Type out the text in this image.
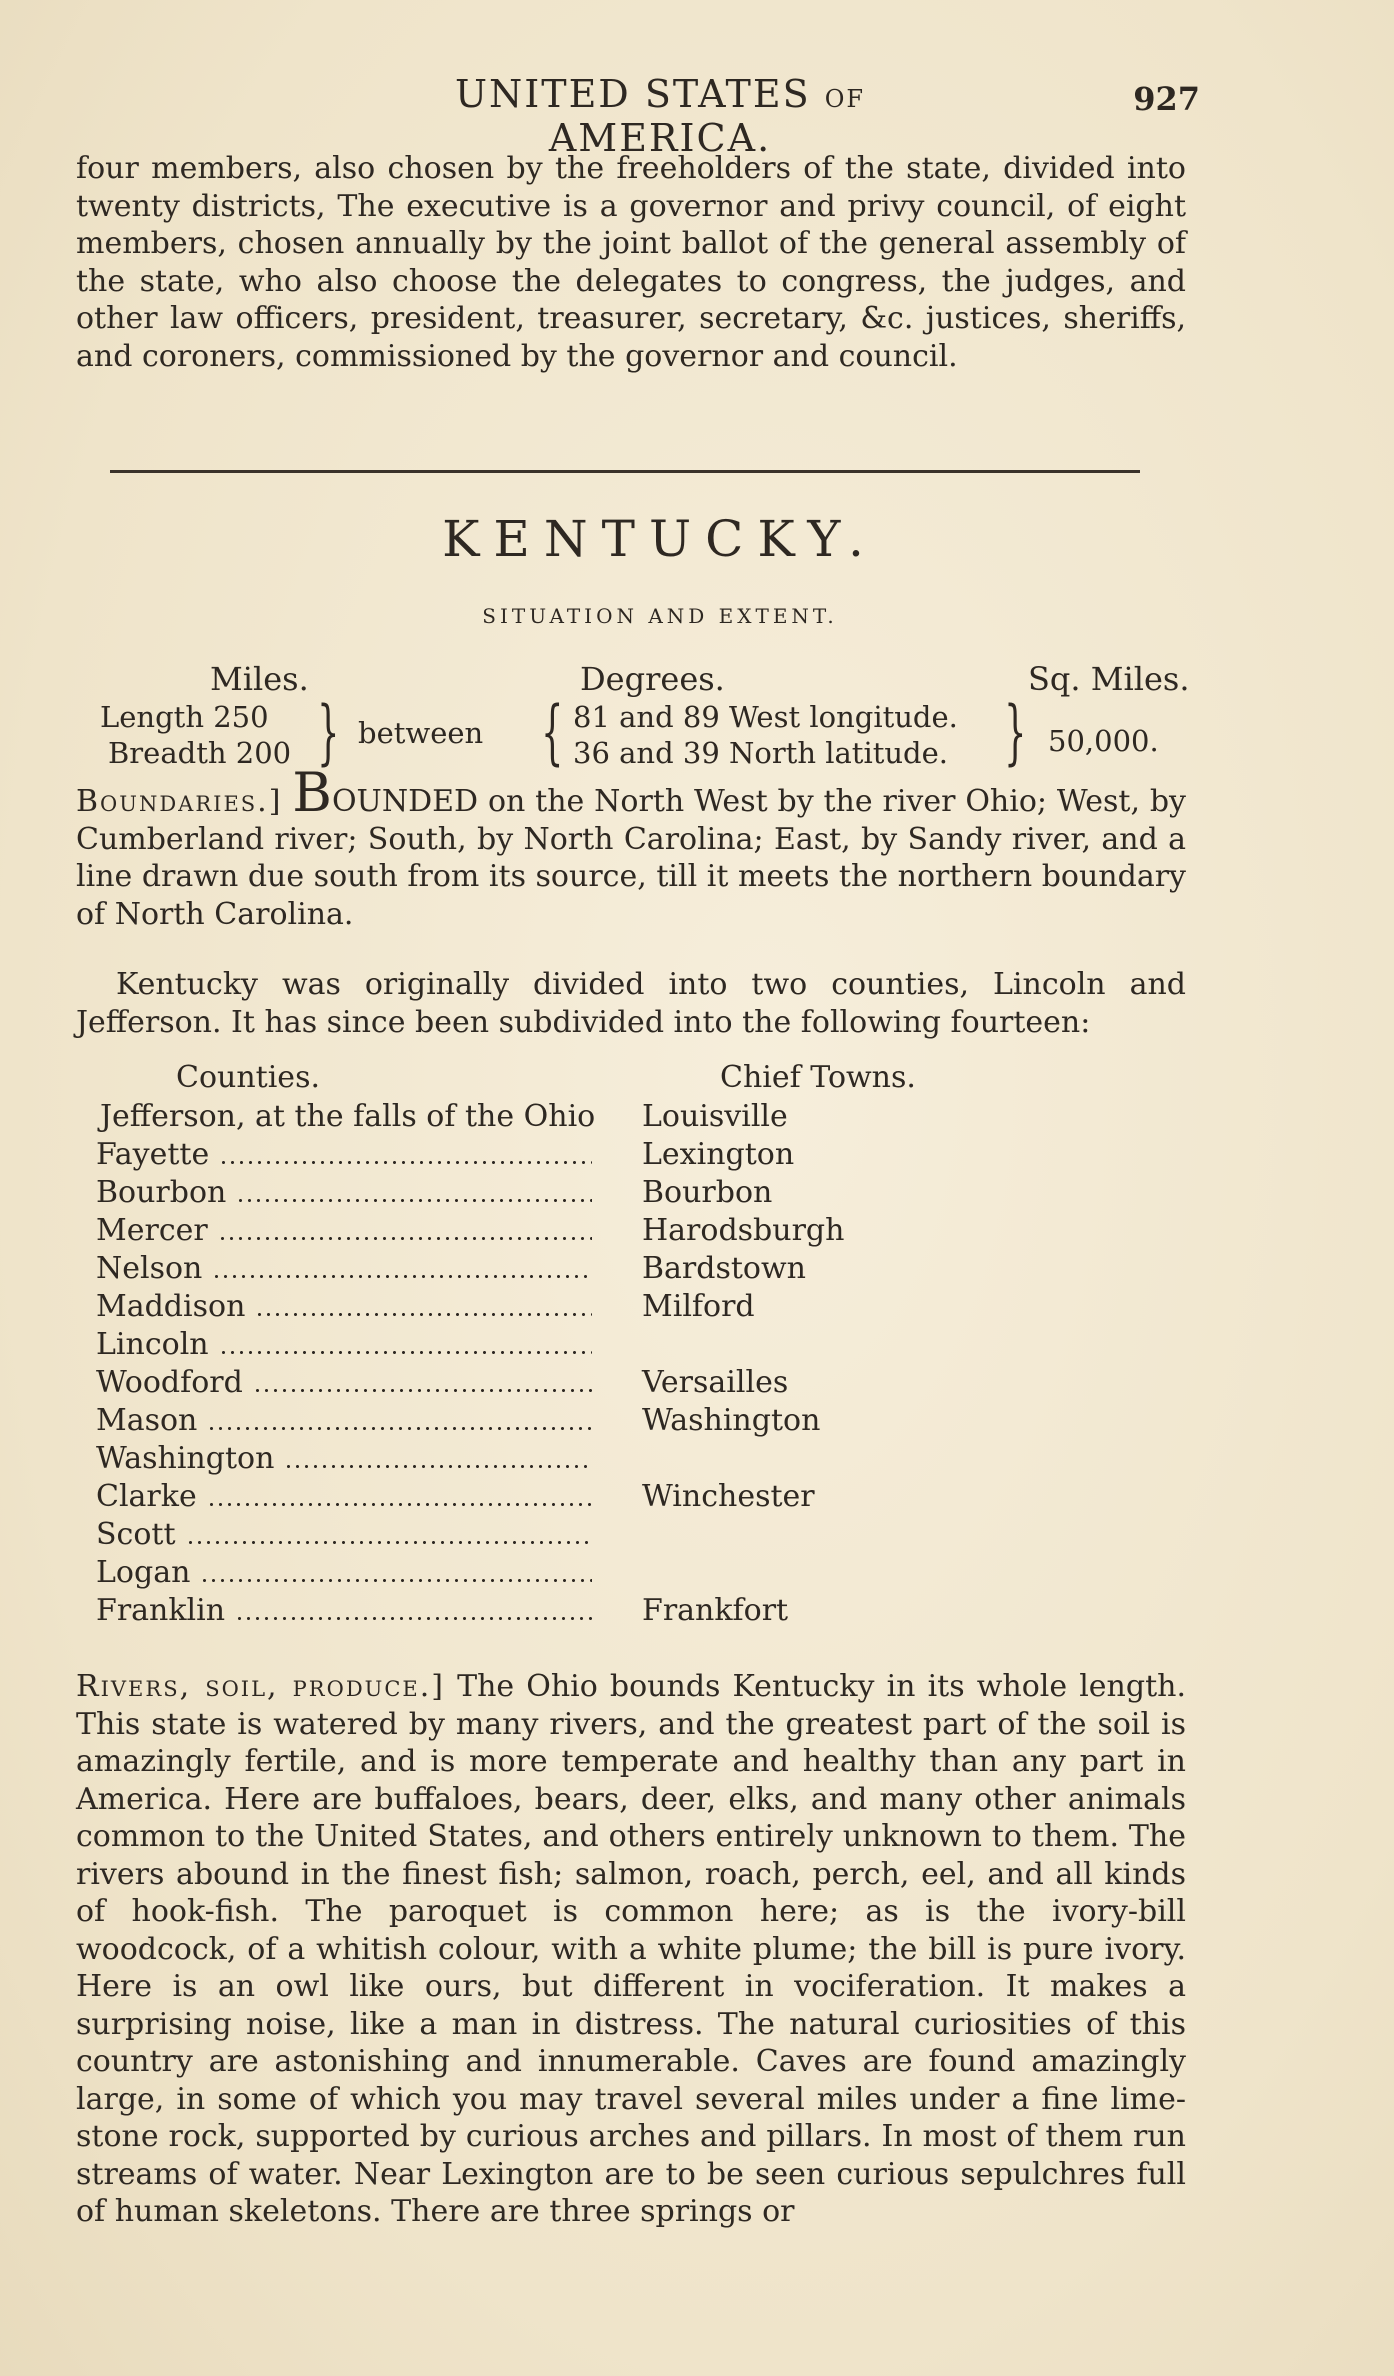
UNITED STATES OF AMERICA.
927

four members, also chosen by the freeholders of the state, divided into twenty districts, The executive is a governor and privy council, of eight members, chosen annually by the joint ballot of the general assembly of the state, who also choose the delegates to congress, the judges, and other law officers, president, treasurer, secretary, &c. justices, sheriffs, and coroners, commissioned by the governor and council.

KENTUCKY.
SITUATION AND EXTENT.
Miles.	Degrees.	Sq. Miles.
Length 250
Breadth 200 } between { 81 and 89 West longitude.
36 and 39 North latitude. } 50,000.

Boundaries.] BOUNDED on the North West by the river Ohio; West, by Cumberland river; South, by North Carolina; East, by Sandy river, and a line drawn due south from its source, till it meets the northern boundary of North Carolina.

Kentucky was originally divided into two counties, Lincoln and Jefferson. It has since been subdivided into the following fourteen:

Counties.	Chief Towns.
Jefferson, at the falls of the Ohio Louisville
Fayette	Lexington
Bourbon	Bourbon
Mercer	Harodsburgh
Nelson	Bardstown
Maddison	Milford
Lincoln
Woodford	Versailles
Mason	Washington
Washington
Clarke	Winchester
Scott
Logan
Franklin	Frankfort

Rivers, soil, produce.] The Ohio bounds Kentucky in its whole length. This state is watered by many rivers, and the greatest part of the soil is amazingly fertile, and is more temperate and healthy than any part in America. Here are buffaloes, bears, deer, elks, and many other animals common to the United States, and others entirely unknown to them. The rivers abound in the finest fish; salmon, roach, perch, eel, and all kinds of hook-fish. The paroquet is common here; as is the ivory-bill woodcock, of a whitish colour, with a white plume; the bill is pure ivory. Here is an owl like ours, but different in vociferation. It makes a surprising noise, like a man in distress. The natural curiosities of this country are astonishing and innumerable. Caves are found amazingly large, in some of which you may travel several miles under a fine lime-stone rock, supported by curious arches and pillars. In most of them run streams of water. Near Lexington are to be seen curious sepulchres full of human skeletons. There are three springs or
